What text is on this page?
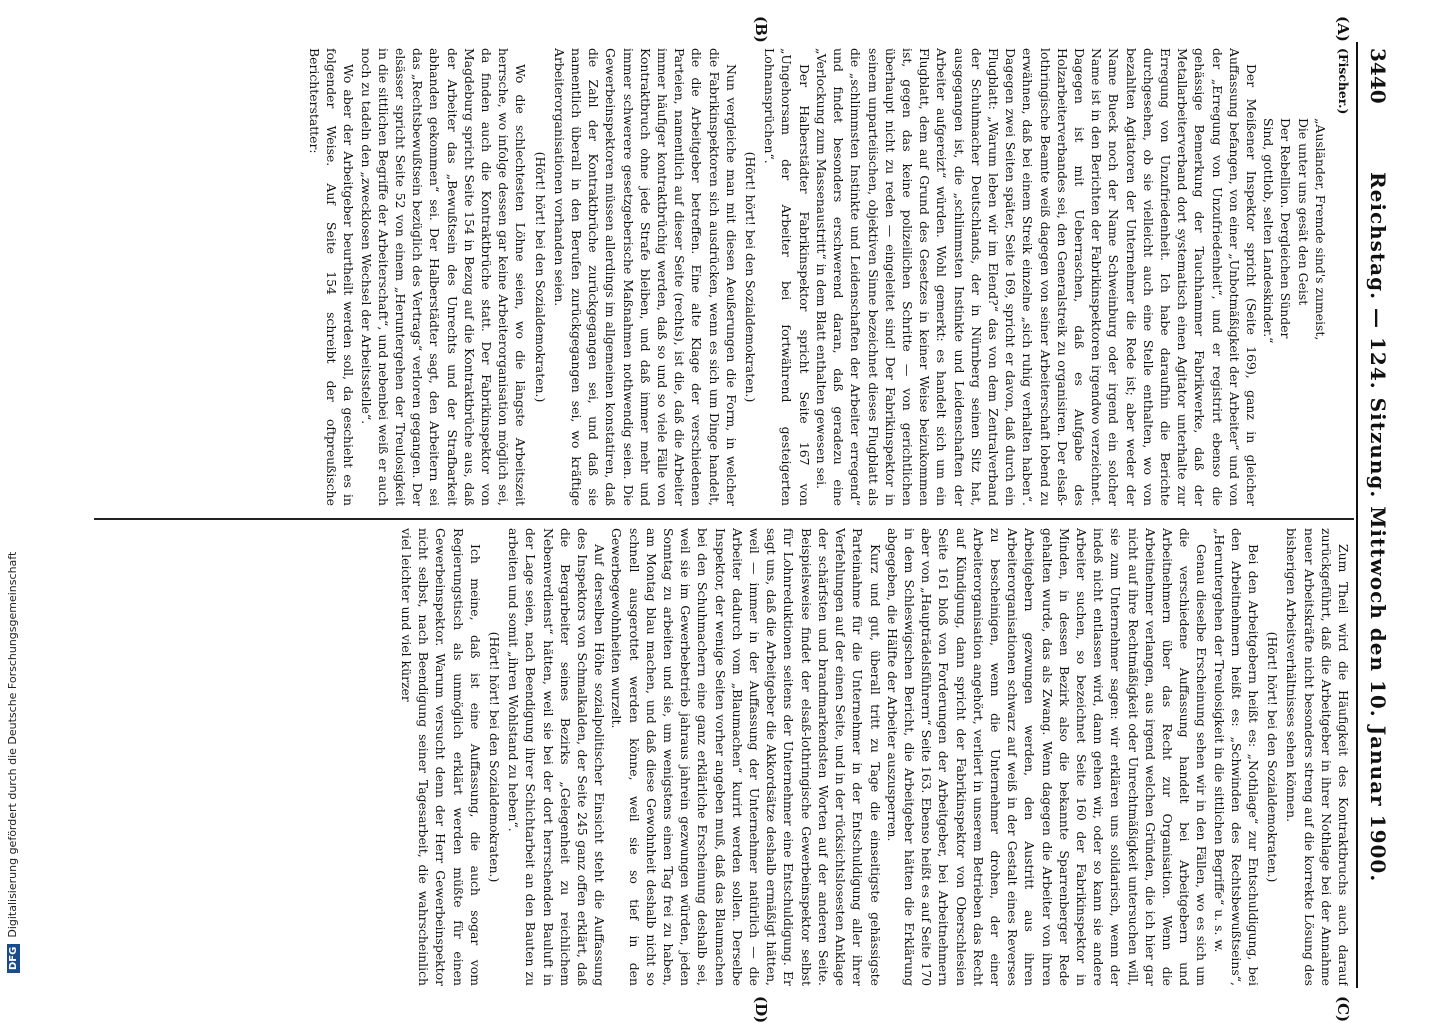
3440
Reichstag. — 124. Sitzung. Mittwoch den 10. Januar 1900.
(A)
(B)
(C)
(D)

(Fischer.)

„Ausländer, Fremde sind's zumeist,

Die unter uns gesät den Geist

Der Rebellion. Dergleichen Sünder

Sind, gottlob, selten Landeskinder.“

Der Meißener Inspektor spricht (Seite 169), ganz in gleicher Auffassung befangen, von einer „Unbotmäßigkeit der Arbeiter“ und von der „Erregung von Unzufriedenheit“, und er registrirt ebenso die gehässige Bemerkung der Tauchhammer Fabrikwerke, daß der Metallarbeiterverband dort systematisch einen Agitator unterhalte zur Erregung von Unzufriedenheit. Ich habe daraufhin die Berichte durchgesehen, ob sie vielleicht auch eine Stelle enthalten, wo von bezahlten Agitatoren der Unternehmer die Rede ist; aber weder der Name Bueck noch der Name Schweinburg oder irgend ein solcher Name ist in den Berichten der Fabrikinspektoren irgendwo verzeichnet. Dagegen ist mit Ueberraschen, daß es Aufgabe des Holzarbeiterverbandes sei, den Generalstreik zu organisiren. Der elsaß-lothringische Beamte weiß dagegen von seiner Arbeiterschaft lobend zu erwähnen, daß bei einem Streik einzelne „sich ruhig verhalten haben“. Dagegen zwei Seiten später, Seite 169, spricht er davon, daß durch ein Flugblatt: „Warum leben wir im Elend?“ das von dem Zentralverband der Schuhmacher Deutschlands, der in Nürnberg seinen Sitz hat, ausgegangen ist, die „schlimmsten Instinkte und Leidenschaften der Arbeiter aufgereizt“ würden. Wohl gemerkt: es handelt sich um ein Flugblatt, dem auf Grund des Gesetzes in keiner Weise beizukommen ist, gegen das keine polizeilichen Schritte — von gerichtlichen überhaupt nicht zu reden — eingeleitet sind! Der Fabrikinspektor in seinem unparteiischen, objektiven Sinne bezeichnet dieses Flugblatt als die „schlimmsten Instinkte und Leidenschaften der Arbeiter erregend“ und findet besonders erschwerend daran, daß geradezu eine „Verlockung zum Massenaustritt“ in dem Blatt enthalten gewesen sei.

Der Halberstädter Fabrikinspektor spricht Seite 167 von „Ungehorsam der Arbeiter bei fortwährend gesteigerten Lohnansprüchen“.

(Hört! hört! bei den Sozialdemokraten.)

Nun vergleiche man mit diesen Aeußerungen die Form, in welcher die Fabrikinspektoren sich ausdrücken, wenn es sich um Dinge handelt, die die Arbeitgeber betreffen. Eine alte Klage der verschiedenen Parteien, namentlich auf dieser Seite (rechts), ist die, daß die Arbeiter immer häufiger kontraktbrüchig werden, daß so und so viele Fälle von Kontraktbruch ohne jede Strafe bleiben, und daß immer mehr und immer schwerere gesetzgeberische Maßnahmen nothwendig seien. Die Gewerbeinspektoren müssen allerdings im allgemeinen konstatiren, daß die Zahl der Kontraktbrüche zurückgegangen sei, und daß sie namentlich überall in den Berufen zurückgegangen sei, wo kräftige Arbeiterorganisationen vorhanden seien.

(Hört! hört! bei den Sozialdemokraten.)

Wo die schlechtesten Löhne seien, wo die längste Arbeitszeit herrsche, wo infolge dessen gar keine Arbeiterorganisation möglich sei, da finden auch die Kontraktbrüche statt. Der Fabrikinspektor von Magdeburg spricht Seite 154 in Bezug auf die Kontraktbrüche aus, daß der Arbeiter das „Bewußtsein des Unrechts und der Strafbarkeit abhanden gekommen“ sei. Der Halberstädter sagt, den Arbeitern sei das „Rechtsbewußtsein bezüglich des Vertrags“ verloren gegangen. Der elsässer spricht Seite 52 von einem „Heruntergehen der Treulosigkeit in die sittlichen Begriffe der Arbeiterschaft“, und nebenbei weiß er auch noch zu tadeln den „zwecklosen Wechsel der Arbeitsstelle“.

Wo aber der Arbeitgeber beurtheilt werden soll, da geschieht es in folgender Weise. Auf Seite 154 schreibt der oftpreußische Berichterstatter:

Zum Theil wird die Häufigkeit des Kontraktbruchs auch darauf zurückgeführt, daß die Arbeitgeber in ihrer Nothlage bei der Annahme neuer Arbeitskräfte nicht besonders streng auf die korrekte Lösung des bisherigen Arbeitsverhältnisses sehen können.

(Hört! hört! bei den Sozialdemokraten.)

Bei den Arbeitgebern heißt es: „Nothlage“ zur Entschuldigung, bei den Arbeitnehmern heißt es: „Schwinden des Rechtsbewußtseins“, „Heruntergehen der Treulosigkeit in die sittlichen Begriffe“ u. s. w.

Genau dieselbe Erscheinung sehen wir in den Fällen, wo es sich um die verschiedene Auffassung handelt bei Arbeitgebern und Arbeitnehmern über das Recht zur Organisation. Wenn die Arbeitnehmer verlangen, aus irgend welchen Gründen, die ich hier gar nicht auf ihre Rechtmäßigkeit oder Unrechtmäßigkeit untersuchen will, sie zum Unternehmer sagen: wir erklären uns solidarisch, wenn der indeß nicht entlassen wird, dann gehen wir, oder so kann sie andere Arbeiter suchen, so bezeichnet Seite 160 der Fabrikinspektor in Minden, in dessen Bezirk also die bekannte Sparrenberger Rede gehalten wurde, das als Zwang. Wenn dagegen die Arbeiter von ihren Arbeitgebern gezwungen werden, den Austritt aus ihren Arbeiterorganisationen schwarz auf weiß in der Gestalt eines Reverses zu bescheinigen, wenn die Unternehmer drohen, der einer Arbeiterorganisation angehört, verliert in unserem Betrieben das Recht auf Kündigung, dann spricht der Fabrikinspektor von Oberschlesien Seite 161 bloß von Forderungen der Arbeitgeber, bei Arbeitnehmern aber von „Haupträdelsführern“ Seite 163. Ebenso heißt es auf Seite 170 in dem Schleswigschen Bericht, die Arbeitgeber hätten die Erklärung abgegeben, die Hälfte der Arbeiter auszusperren.

Kurz und gut, überall tritt zu Tage die einseitigste gehässigste Parteinahme für die Unternehmer in der Entschuldigung aller ihrer Verfehlungen auf der einen Seite, und in der rücksichtslosesten Anklage der schärfsten und brandmarkendsten Worten auf der anderen Seite. Beispielsweise findet der elsaß-lothringische Gewerbeinspektor selbst für Lohnreduktionen seitens der Unternehmer eine Entschuldigung. Er sagt uns, daß die Arbeitgeber die Akkordsätze deshalb ermäßigt hätten, weil — immer in der Auffassung der Unternehmer natürlich — die Arbeiter dadurch vom „Blaumachen“ kurirt werden sollen. Derselbe Inspektor, der wenige Seiten vorher angeben muß, daß das Blaumachen bei den Schuhmachern eine ganz erklärliche Erscheinung deshalb sei, weil sie im Gewerbebetrieb jahraus jahrein gezwungen würden, jeden Sonntag zu arbeiten und sie, um wenigstens einen Tag frei zu haben, am Montag blau machen, und daß diese Gewohnheit deshalb nicht so schnell ausgerottet werden könne, weil sie so tief in den Gewerbegewohnheiten wurzelt.

Auf derselben Höhe sozialpolitischer Einsicht steht die Auffassung des Inspektors von Schmalkalden, der Seite 245 ganz offen erklärt, daß die Bergarbeiter seines Bezirks „Gelegenheit zu reichlichem Nebenverdienst“ hätten, weil sie bei der dort herrschenden Bauluft in der Lage seien, nach Beendigung ihrer Schichtarbeit an den Bauten zu arbeiten und somit „ihren Wohlstand zu heben“.

(Hört! hört! bei den Sozialdemokraten.)

Ich meine, daß ist eine Auffassung, die auch sogar vom Regierungstisch als unmöglich erklärt werden müßte für einen Gewerbeinspektor. Warum versucht denn der Herr Gewerbeinspektor nicht selbst, nach Beendigung seiner Tagesarbeit, die wahrscheinlich viel leichter und viel kürzer

DFGDigitalisierung gefördert durch die Deutsche Forschungsgemeinschaft
